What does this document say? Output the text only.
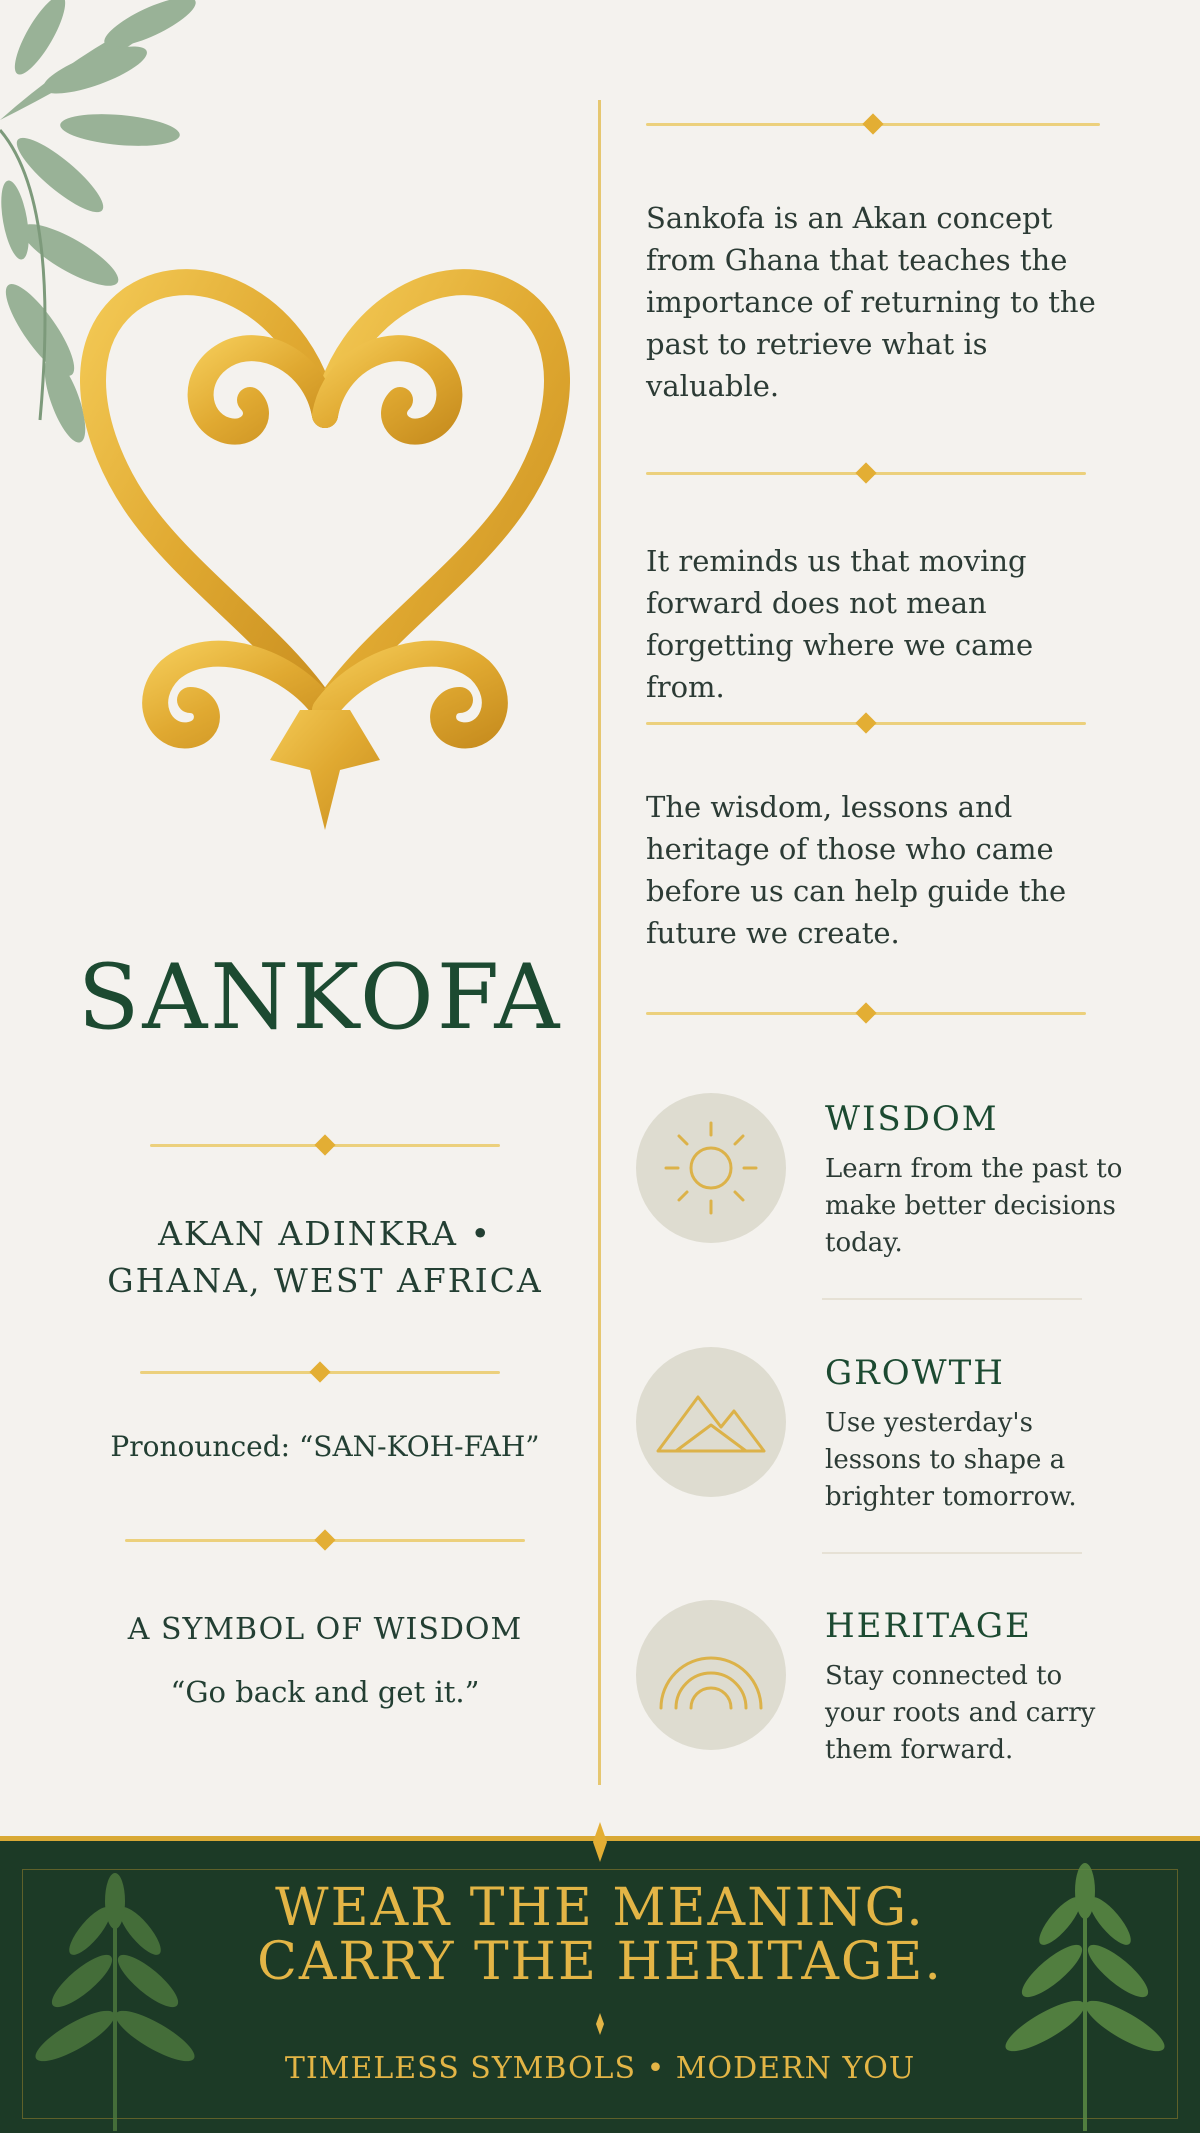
SANKOFA
AKAN ADINKRA •
GHANA, WEST AFRICA
Pronounced: “SAN-KOH-FAH”
A SYMBOL OF WISDOM
“Go back and get it.”
Sankofa is an Akan concept from Ghana that teaches the importance of returning to the past to retrieve what is valuable.
It reminds us that moving forward does not mean forgetting where we came from.
The wisdom, lessons and heritage of those who came before us can help guide the future we create.
WISDOM
Learn from the past to make better decisions today.
GROWTH
Use yesterday's lessons to shape a brighter tomorrow.
HERITAGE
Stay connected to your roots and carry them forward.
WEAR THE MEANING.
CARRY THE HERITAGE.
TIMELESS SYMBOLS • MODERN YOU
